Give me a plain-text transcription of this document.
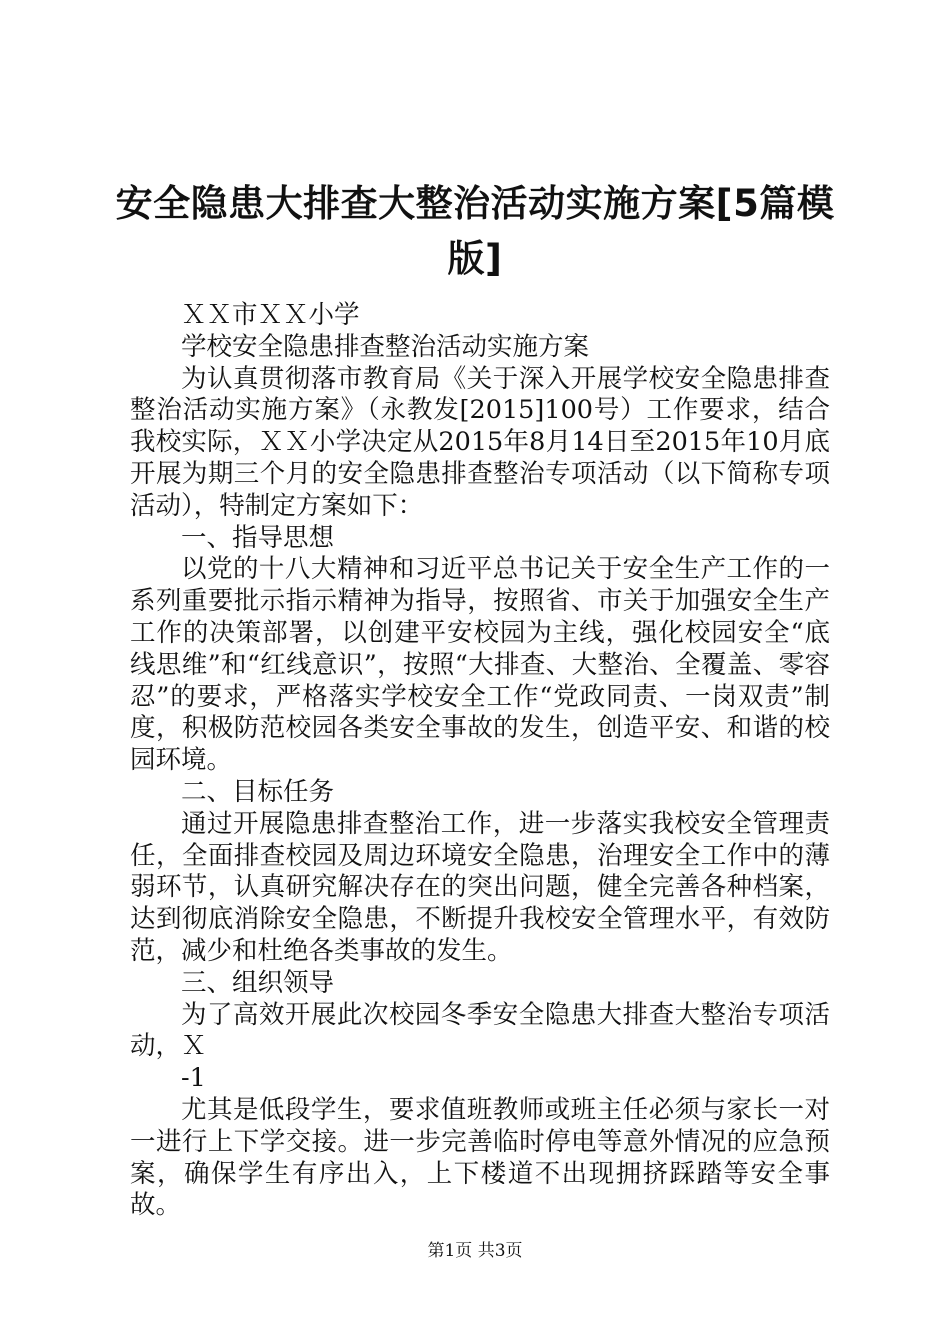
安全隐患大排查大整治活动实施方案[5篇模版]

ＸＸ市ＸＸ小学

学校安全隐患排查整治活动实施方案

为认真贯彻落市教育局《关于深入开展学校安全隐患排查整治活动实施方案》（永教发[2015]100号）工作要求，结合我校实际，ＸＸ小学决定从2015年8月14日至2015年10月底开展为期三个月的安全隐患排查整治专项活动（以下简称专项活动），特制定方案如下：

一、指导思想

以党的十八大精神和习近平总书记关于安全生产工作的一系列重要批示指示精神为指导，按照省、市关于加强安全生产工作的决策部署，以创建平安校园为主线，强化校园安全“底线思维”和“红线意识”，按照“大排查、大整治、全覆盖、零容忍”的要求，严格落实学校安全工作“党政同责、一岗双责”制度，积极防范校园各类安全事故的发生，创造平安、和谐的校园环境。

二、目标任务

通过开展隐患排查整治工作，进一步落实我校安全管理责任，全面排查校园及周边环境安全隐患，治理安全工作中的薄弱环节，认真研究解决存在的突出问题，健全完善各种档案，达到彻底消除安全隐患，不断提升我校安全管理水平，有效防范，减少和杜绝各类事故的发生。

三、组织领导

为了高效开展此次校园冬季安全隐患大排查大整治专项活动，Ｘ

-1

尤其是低段学生，要求值班教师或班主任必须与家长一对一进行上下学交接。进一步完善临时停电等意外情况的应急预案，确保学生有序出入，上下楼道不出现拥挤踩踏等安全事故。

第1页 共3页
